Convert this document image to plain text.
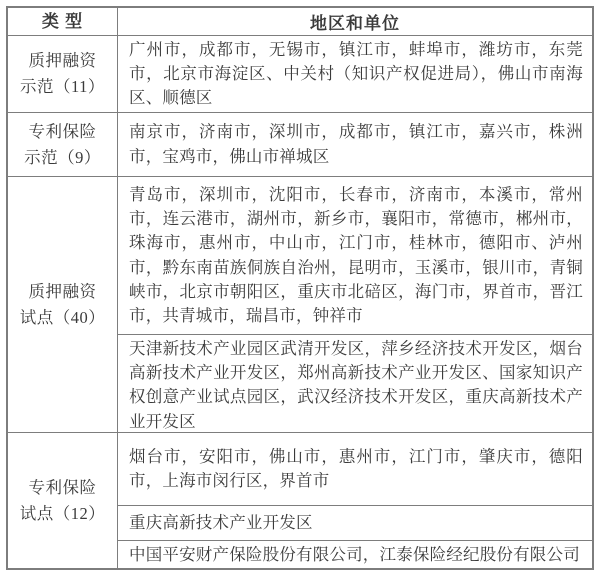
类 型	地区和单位
质押融资
示范（11）

广州市，成都市，无锡市，镇江市，蚌埠市，潍坊市，东莞市，北京市海淀区、中关村（知识产权促进局），佛山市南海区、顺德区

专利保险
示范（9）

南京市，济南市，深圳市，成都市，镇江市，嘉兴市，株洲市，宝鸡市，佛山市禅城区

质押融资
试点（40）

青岛市，深圳市，沈阳市，长春市，济南市，本溪市，常州市，连云港市，湖州市，新乡市，襄阳市，常德市，郴州市，珠海市，惠州市，中山市，江门市，桂林市，德阳市、泸州市，黔东南苗族侗族自治州，昆明市，玉溪市，银川市，青铜峡市，北京市朝阳区，重庆市北碚区，海门市，界首市，晋江市，共青城市，瑞昌市，钟祥市

天津新技术产业园区武清开发区，萍乡经济技术开发区，烟台高新技术产业开发区，郑州高新技术产业开发区、国家知识产权创意产业试点园区，武汉经济技术开发区，重庆高新技术产业开发区

专利保险
试点（12）

烟台市，安阳市，佛山市，惠州市，江门市，肇庆市，德阳市，上海市闵行区，界首市

重庆高新技术产业开发区

中国平安财产保险股份有限公司，江泰保险经纪股份有限公司
